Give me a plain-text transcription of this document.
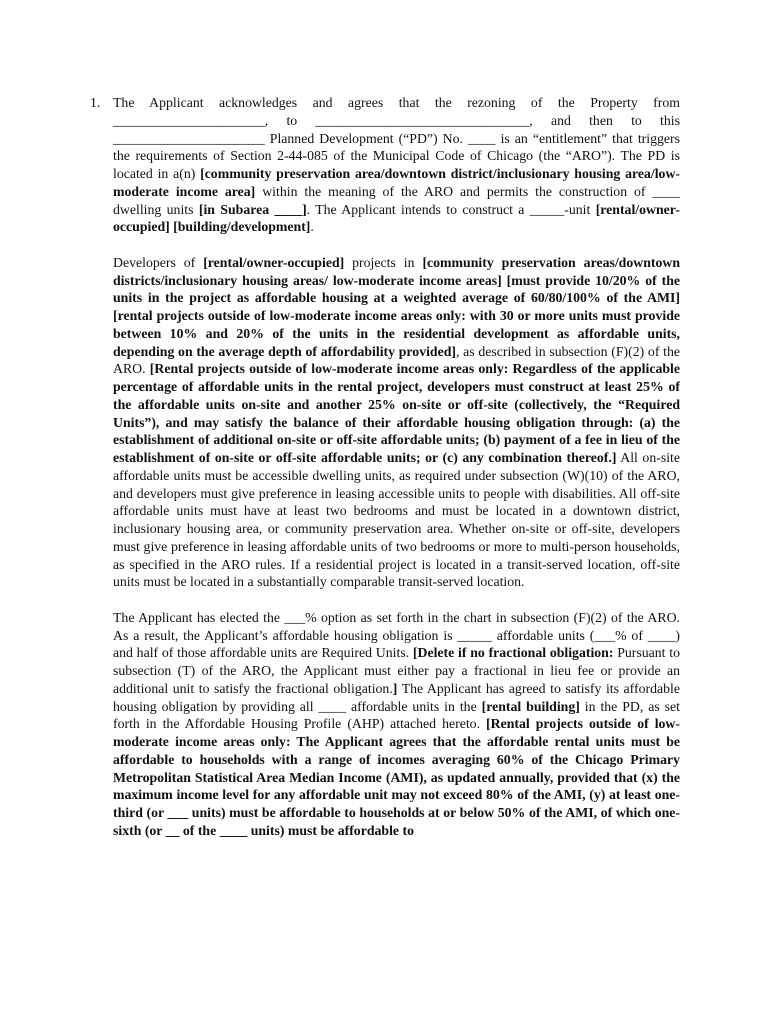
1. The Applicant acknowledges and agrees that the rezoning of the Property from ______________________, to _______________________________, and then to this ______________________ Planned Development (“PD”) No. ____ is an “entitlement” that triggers the requirements of Section 2-44-085 of the Municipal Code of Chicago (the “ARO”). The PD is located in a(n) [community preservation area/downtown district/inclusionary housing area/low-moderate income area] within the meaning of the ARO and permits the construction of ____ dwelling units [in Subarea ____]. The Applicant intends to construct a _____-unit [rental/owner-occupied] [building/development].

Developers of [rental/owner-occupied] projects in [community preservation areas/downtown districts/inclusionary housing areas/ low-moderate income areas] [must provide 10/20% of the units in the project as affordable housing at a weighted average of 60/80/100% of the AMI] [rental projects outside of low-moderate income areas only: with 30 or more units must provide between 10% and 20% of the units in the residential development as affordable units, depending on the average depth of affordability provided], as described in subsection (F)(2) of the ARO. [Rental projects outside of low-moderate income areas only: Regardless of the applicable percentage of affordable units in the rental project, developers must construct at least 25% of the affordable units on-site and another 25% on-site or off-site (collectively, the “Required Units”), and may satisfy the balance of their affordable housing obligation through: (a) the establishment of additional on-site or off-site affordable units; (b) payment of a fee in lieu of the establishment of on-site or off-site affordable units; or (c) any combination thereof.] All on-site affordable units must be accessible dwelling units, as required under subsection (W)(10) of the ARO, and developers must give preference in leasing accessible units to people with disabilities. All off-site affordable units must have at least two bedrooms and must be located in a downtown district, inclusionary housing area, or community preservation area. Whether on-site or off-site, developers must give preference in leasing affordable units of two bedrooms or more to multi-person households, as specified in the ARO rules. If a residential project is located in a transit-served location, off-site units must be located in a substantially comparable transit-served location.

The Applicant has elected the ___% option as set forth in the chart in subsection (F)(2) of the ARO. As a result, the Applicant’s affordable housing obligation is _____ affordable units (___% of ____) and half of those affordable units are Required Units. [Delete if no fractional obligation: Pursuant to subsection (T) of the ARO, the Applicant must either pay a fractional in lieu fee or provide an additional unit to satisfy the fractional obligation.] The Applicant has agreed to satisfy its affordable housing obligation by providing all ____ affordable units in the [rental building] in the PD, as set forth in the Affordable Housing Profile (AHP) attached hereto. [Rental projects outside of low-moderate income areas only: The Applicant agrees that the affordable rental units must be affordable to households with a range of incomes averaging 60% of the Chicago Primary Metropolitan Statistical Area Median Income (AMI), as updated annually, provided that (x) the maximum income level for any affordable unit may not exceed 80% of the AMI, (y) at least one-third (or ___ units) must be affordable to households at or below 50% of the AMI, of which one-sixth (or __ of the ____ units) must be affordable to
